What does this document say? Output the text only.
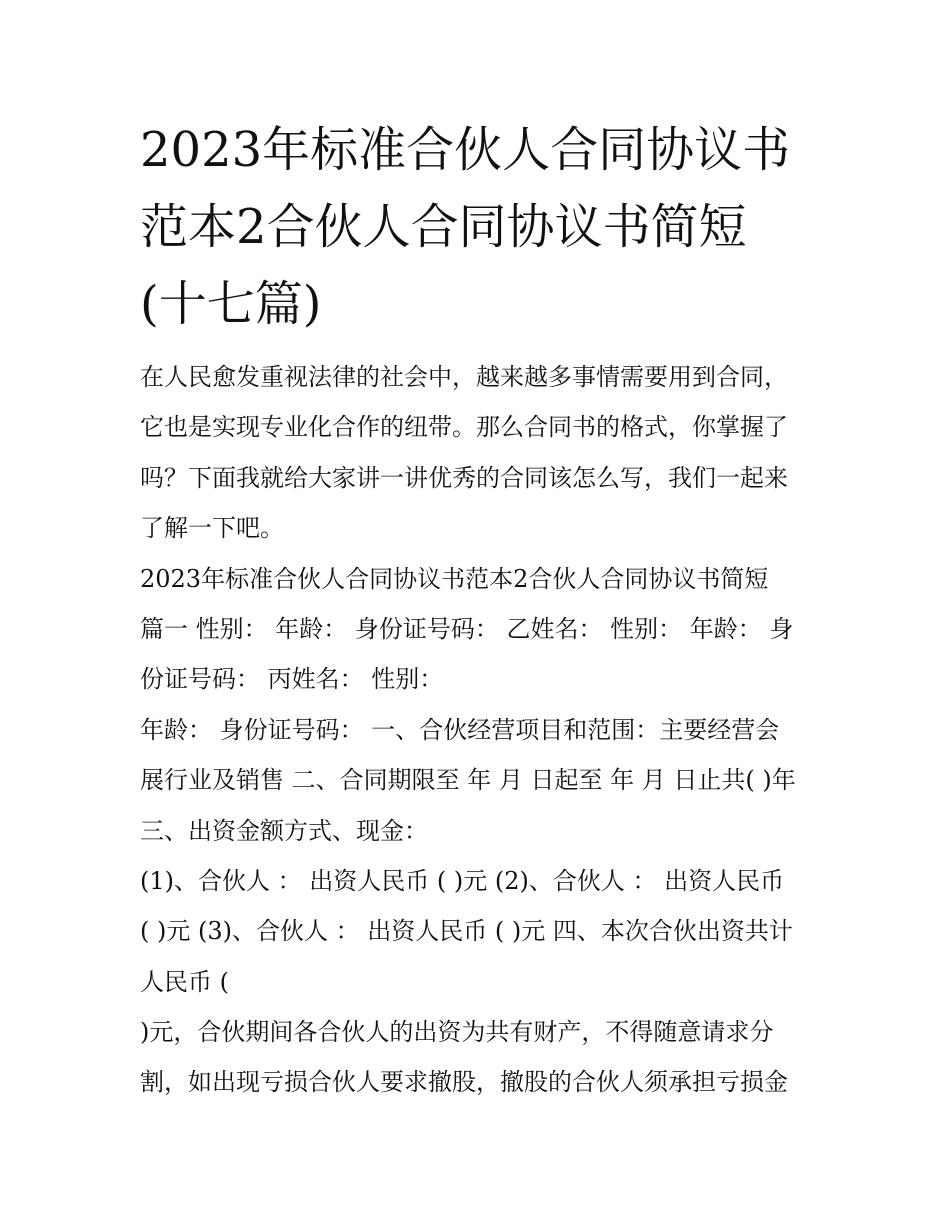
2023年标准合伙人合同协议书
范本2合伙人合同协议书简短
(十七篇)
在人民愈发重视法律的社会中，越来越多事情需要用到合同，
它也是实现专业化合作的纽带。那么合同书的格式，你掌握了
吗？下面我就给大家讲一讲优秀的合同该怎么写，我们一起来
了解一下吧。
2023年标准合伙人合同协议书范本2合伙人合同协议书简短
篇一 性别： 年龄： 身份证号码： 乙姓名： 性别： 年龄： 身
份证号码： 丙姓名： 性别：
年龄： 身份证号码： 一、合伙经营项目和范围：主要经营会
展行业及销售 二、合同期限至 年 月 日起至 年 月 日止共( )年
三、出资金额方式、现金：
(1)、合伙人 ： 出资人民币 ( )元 (2)、合伙人 ： 出资人民币
( )元 (3)、合伙人 ： 出资人民币 ( )元 四、本次合伙出资共计
人民币 (
)元，合伙期间各合伙人的出资为共有财产，不得随意请求分
割，如出现亏损合伙人要求撤股，撤股的合伙人须承担亏损金
